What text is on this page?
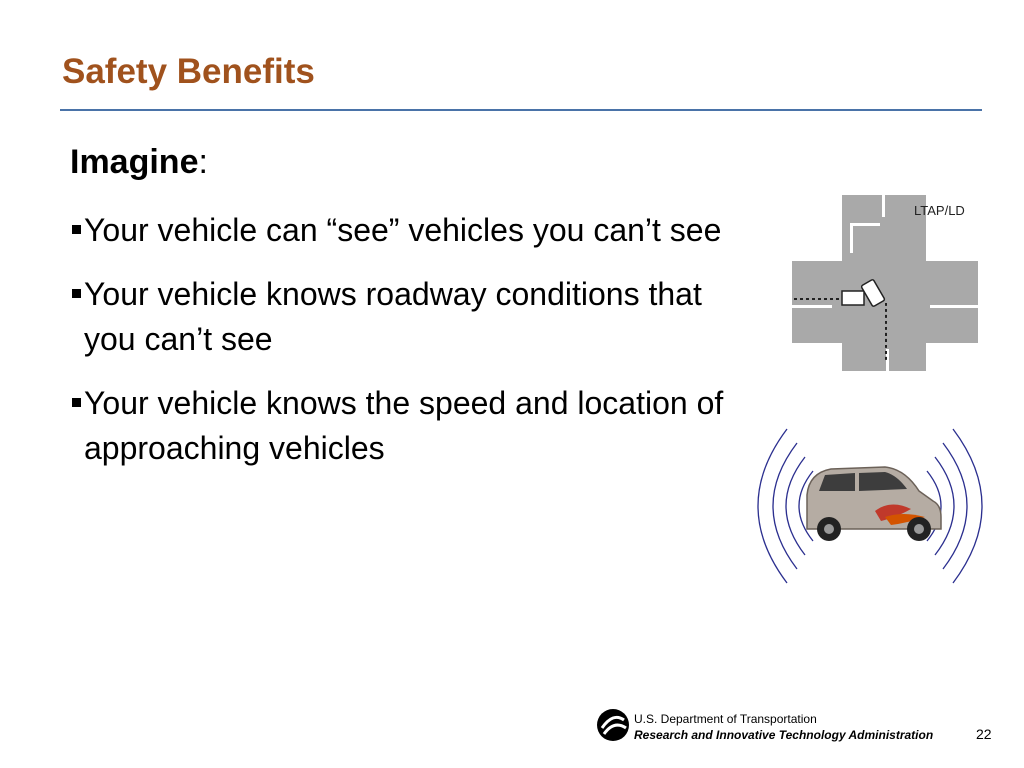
Safety Benefits
Imagine:
Your vehicle can “see” vehicles you can’t see
Your vehicle knows roadway conditions that you can’t see
Your vehicle knows the speed and location of approaching vehicles
LTAP/LD
U.S. Department of Transportation
Research and Innovative Technology Administration	22
